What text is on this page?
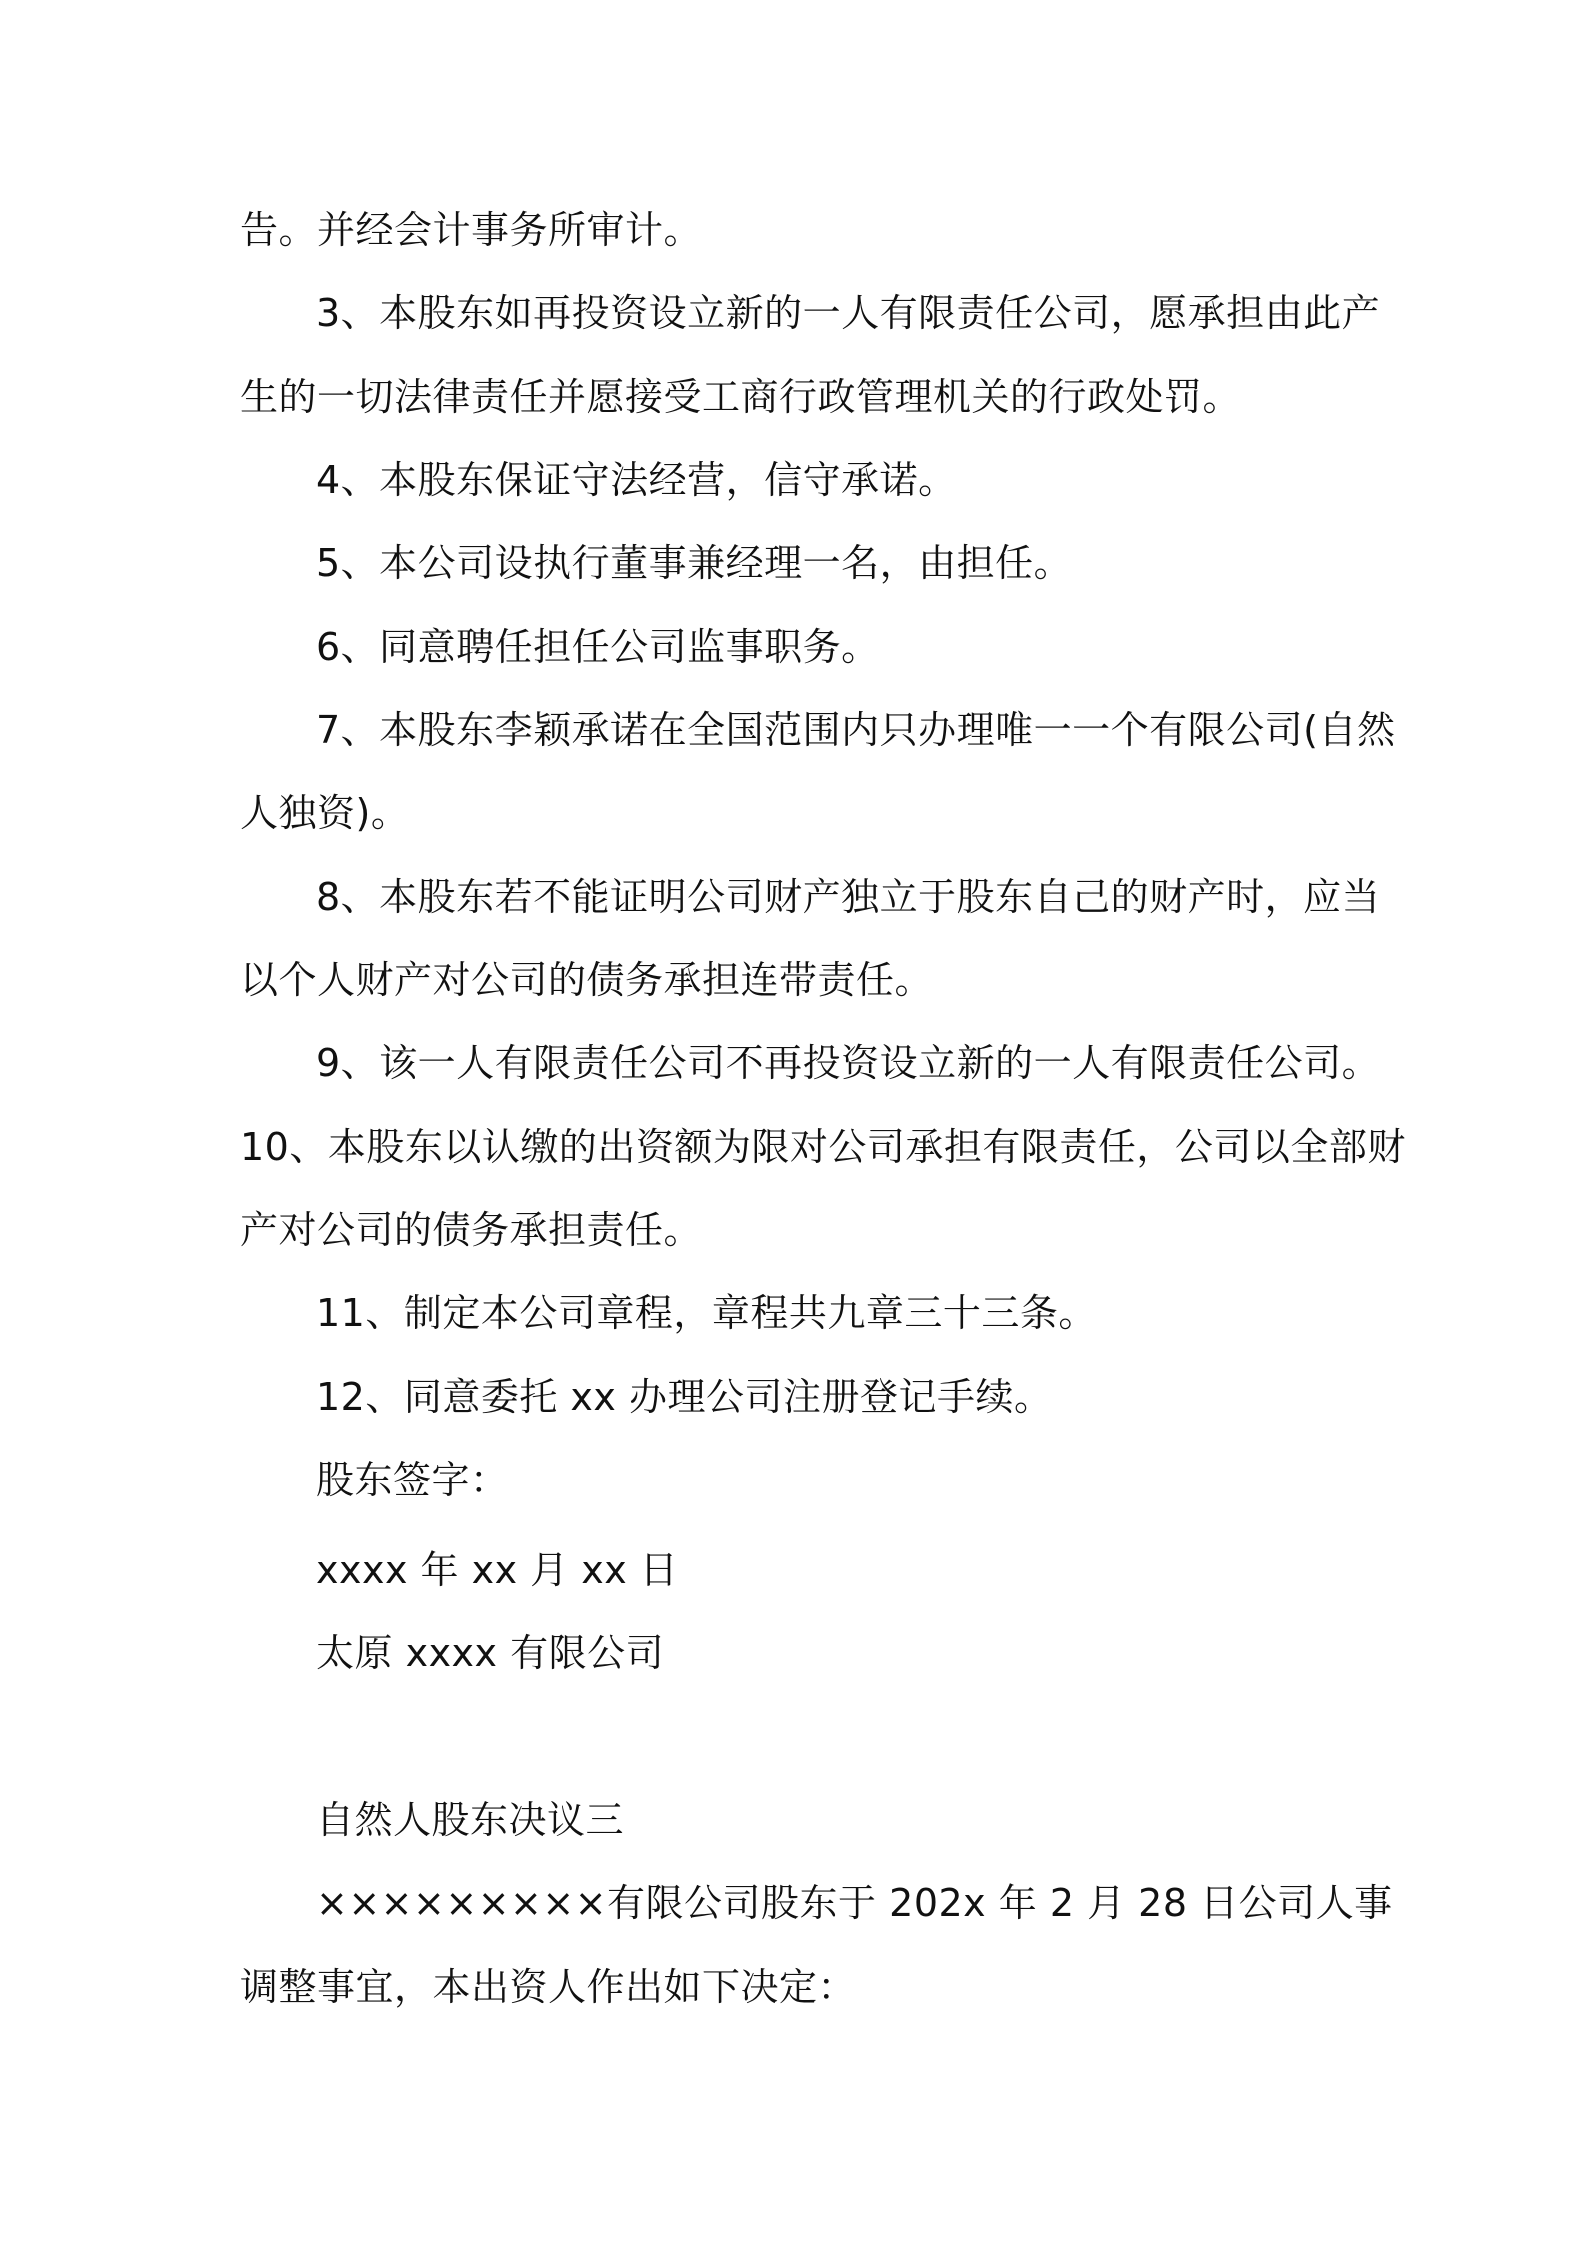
告。并经会计事务所审计。
3、本股东如再投资设立新的一人有限责任公司，愿承担由此产
生的一切法律责任并愿接受工商行政管理机关的行政处罚。
4、本股东保证守法经营，信守承诺。
5、本公司设执行董事兼经理一名，由担任。
6、同意聘任担任公司监事职务。
7、本股东李颖承诺在全国范围内只办理唯一一个有限公司(自然
人独资)。
8、本股东若不能证明公司财产独立于股东自己的财产时，应当
以个人财产对公司的债务承担连带责任。
9、该一人有限责任公司不再投资设立新的一人有限责任公司。
10、本股东以认缴的出资额为限对公司承担有限责任，公司以全部财
产对公司的债务承担责任。
11、制定本公司章程，章程共九章三十三条。
12、同意委托 xx 办理公司注册登记手续。
股东签字：
xxxx 年 xx 月 xx 日
太原 xxxx 有限公司
自然人股东决议三
×××××××××有限公司股东于 202x 年 2 月 28 日公司人事
调整事宜，本出资人作出如下决定：
